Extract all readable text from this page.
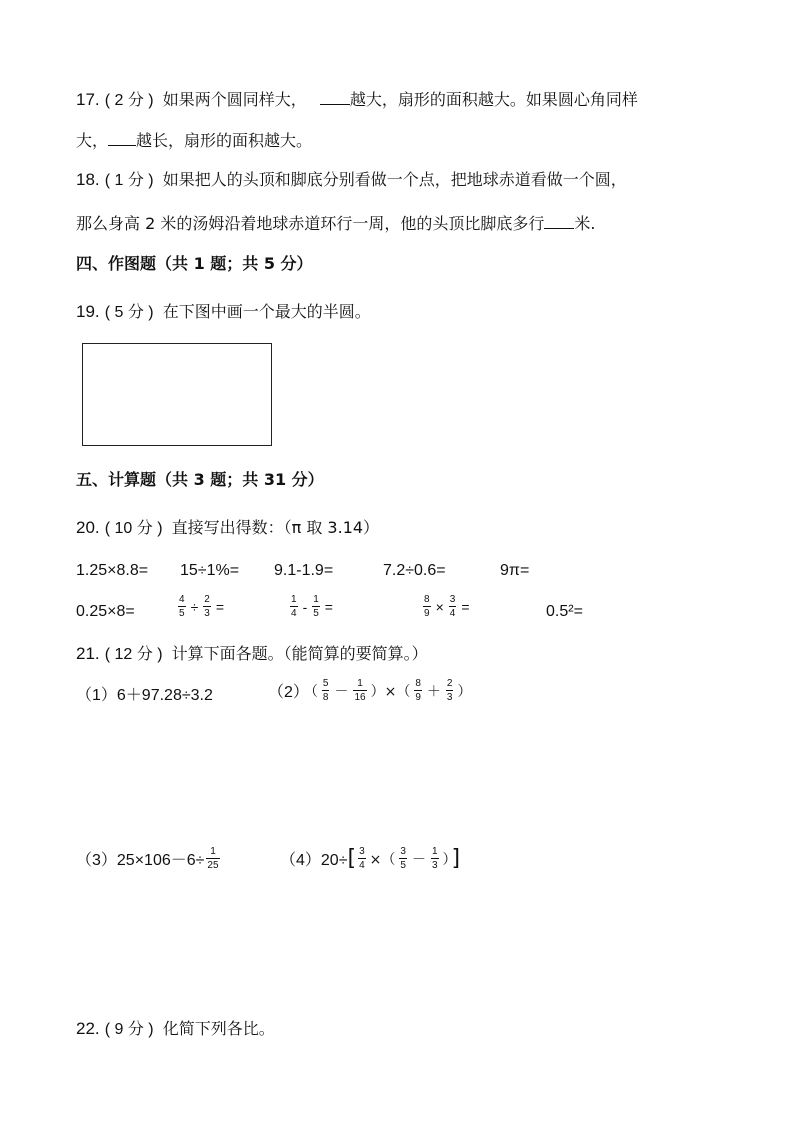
17. ( 2 分 ) 如果两个圆同样大，	越大，扇形的面积越大。如果圆心角同样
大， 越长，扇形的面积越大。
18. ( 1 分 ) 如果把人的头顶和脚底分别看做一个点，把地球赤道看做一个圆，
那么身高 2 米的汤姆沿着地球赤道环行一周，他的头顶比脚底多行 米.
四、作图题（共 1 题；共 5 分）
19. ( 5 分 ) 在下图中画一个最大的半圆。
五、计算题（共 3 题；共 31 分）
20. ( 10 分 ) 直接写出得数：（π 取 3.14）
1.25×8.8= 15÷1%= 9.1-1.9=	7.2÷0.6=	9π=
0.25×8=	$\frac{4}{5} \div \frac{2}{3}$ =	$\frac{1}{4} - \frac{1}{5}$ =	$\frac{8}{9} \times \frac{3}{4}$ =	0.5²=
21. ( 12 分 ) 计算下面各题。（能简算的要简算。）
（1）6＋97.28÷3.2	（2） （ $\frac{5}{8} - \frac{1}{16}$ ）×（ $\frac{8}{9} + \frac{2}{3}$ ）
$(3)25\times 106-6\div \frac{1}{25}$	$(4)20\div[ \frac{3}{4}$ ×（ $\frac{3}{5} - \frac{1}{3}$ ）]
22. ( 9 分 ) 化简下列各比。
